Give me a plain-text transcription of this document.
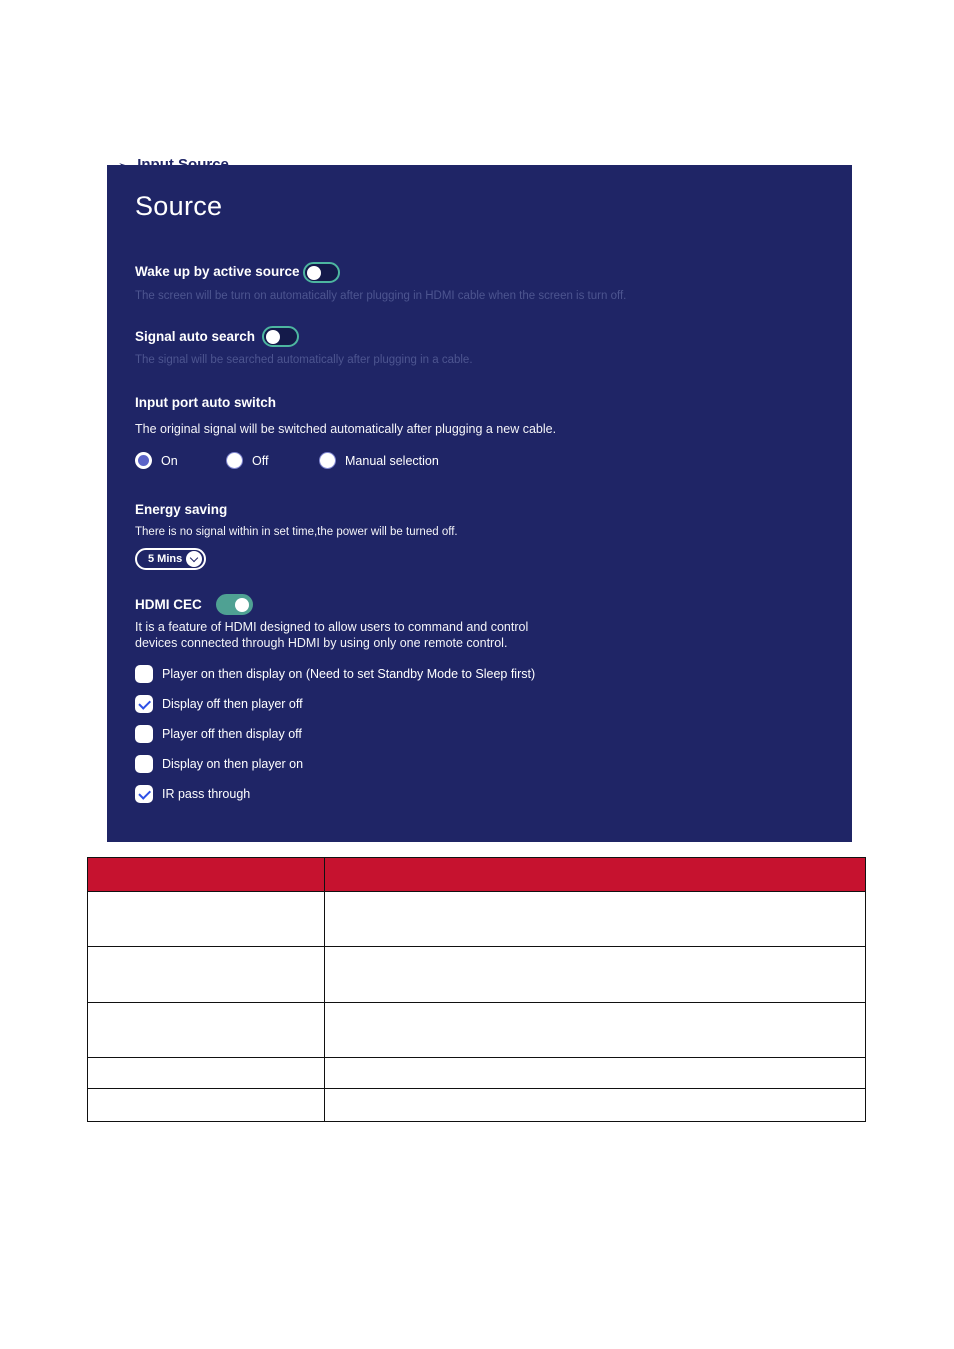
Source
Wake up by active source
The screen will be turn on automatically after plugging in HDMI cable when the screen is turn off.
Signal auto search
The signal will be searched automatically after plugging in a cable.
Input port auto switch
The original signal will be switched automatically after plugging a new cable.
On	Off	Manual selection
Energy saving
There is no signal within in set time,the power will be turned off.
5 Mins
HDMI CEC
It is a feature of HDMI designed to allow users to command and control
devices connected through HDMI by using only one remote control.
Player on then display on (Need to set Standby Mode to Sleep first)
Display off then player off
Player off then display off
Display on then player on
IR pass through
